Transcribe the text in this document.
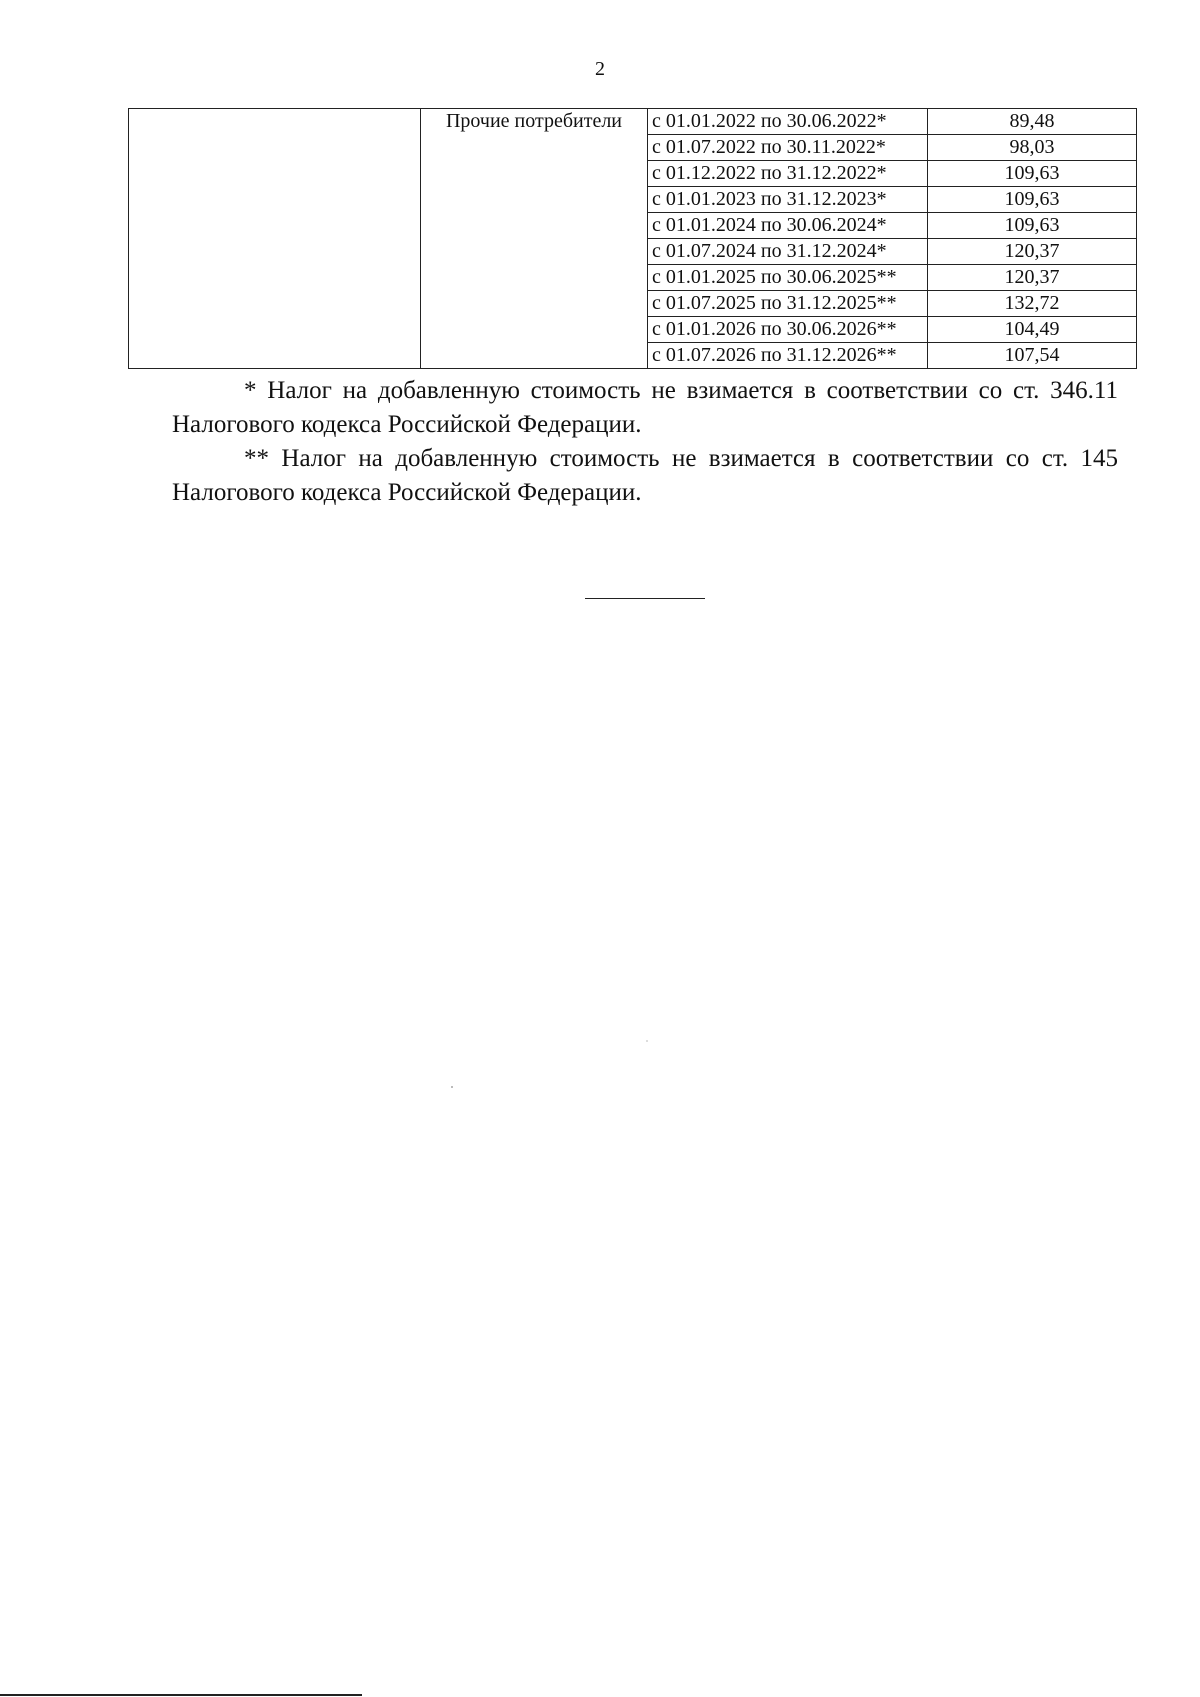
2
	Прочие потребители	с 01.01.2022 по 30.06.2022*	89,48
		с 01.07.2022 по 30.11.2022*	98,03
		с 01.12.2022 по 31.12.2022*	109,63
		с 01.01.2023 по 31.12.2023*	109,63
		с 01.01.2024 по 30.06.2024*	109,63
		с 01.07.2024 по 31.12.2024*	120,37
		с 01.01.2025 по 30.06.2025**	120,37
		с 01.07.2025 по 31.12.2025**	132,72
		с 01.01.2026 по 30.06.2026**	104,49
		с 01.07.2026 по 31.12.2026**	107,54

* Налог на добавленную стоимость не взимается в соответствии со ст. 346.11 Налогового кодекса Российской Федерации.

** Налог на добавленную стоимость не взимается в соответствии со ст. 145 Налогового кодекса Российской Федерации.
